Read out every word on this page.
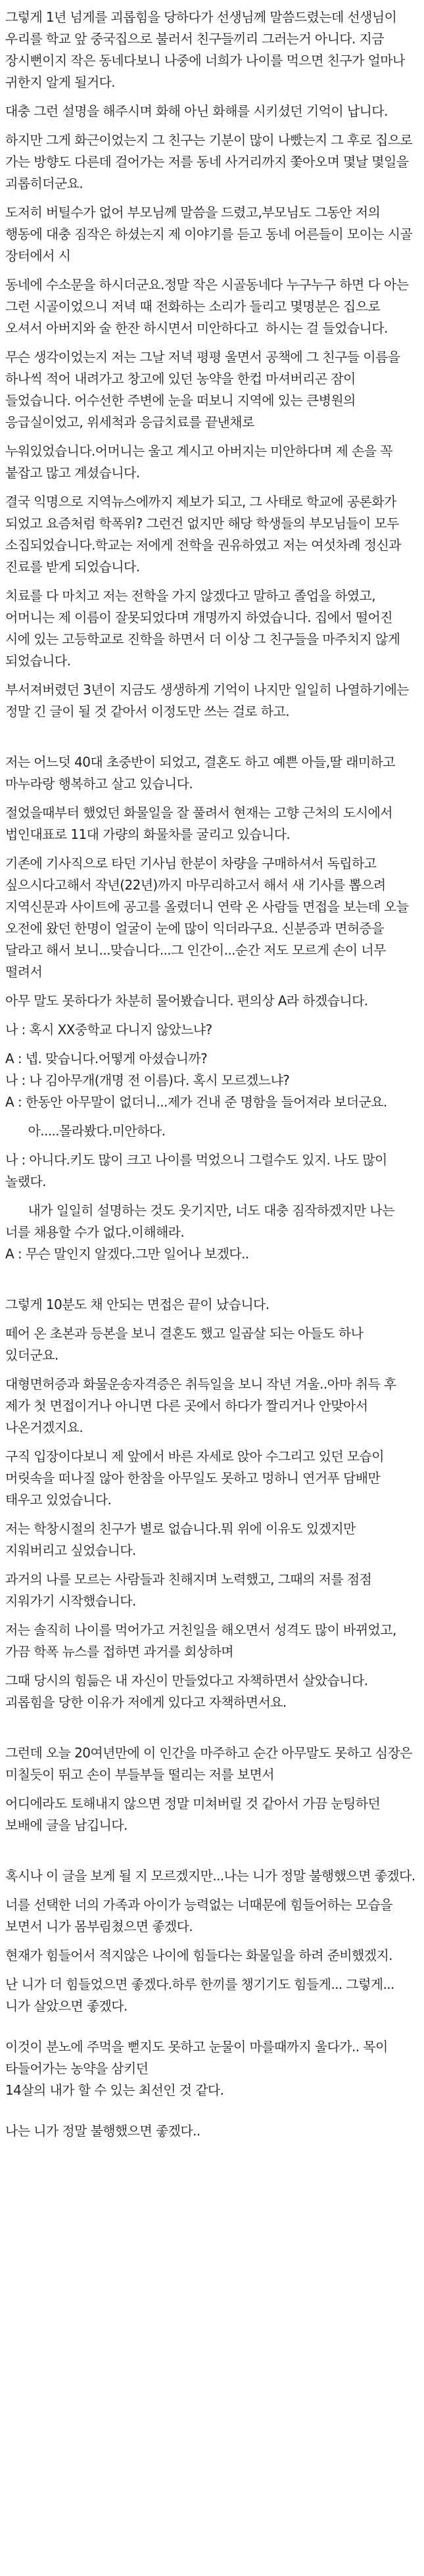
그렇게 1년 넘게를 괴롭힘을 당하다가 선생님께 말씀드렸는데 선생님이 우리를 학교 앞 중국집으로 불러서 친구들끼리 그러는거 아니다. 지금 장시뻔이지 작은 동네다보니 나중에 너희가 나이를 먹으면 친구가 얼마나 귀한지 알게 될거다.

대충 그런 설명을 해주시며 화해 아닌 화해를 시키셨던 기억이 납니다.

하지만 그게 화근이었는지 그 친구는 기분이 많이 나빴는지 그 후로 집으로 가는 방향도 다른데 걸어가는 저를 동네 사거리까지 쫓아오며 몇날 몇일을 괴롭히더군요.

도저히 버틸수가 없어 부모님께 말씀을 드렸고,부모님도 그동안 저의 행동에 대충 짐작은 하셨는지 제 이야기를 듣고 동네 어른들이 모이는 시골 장터에서 시

동네에 수소문을 하시더군요.정말 작은 시골동네다 누구누구 하면 다 아는 그런 시골이었으니 저녁 때 전화하는 소리가 들리고 몇명분은 집으로 오셔서 아버지와 술 한잔 하시면서 미안하다고  하시는 걸 들었습니다.

무슨 생각이었는지 저는 그날 저녁 평평 울면서 공책에 그 친구들 이름을 하나씩 적어 내려가고 창고에 있던 농약을 한컵 마셔버리곤 잠이 들었습니다. 어수선한 주변에 눈을 떠보니 지역에 있는 큰병원의 응급실이었고, 위세척과 응급치료를 끝낸채로

누워있었습니다.어머니는 울고 계시고 아버지는 미안하다며 제 손을 꼭 붙잡고 많고 계셨습니다.

결국 익명으로 지역뉴스에까지 제보가 되고, 그 사태로 학교에 공론화가 되었고 요즘처럼 학폭위? 그런건 없지만 해당 학생들의 부모님들이 모두 소집되었습니다.학교는 저에게 전학을 권유하였고 저는 여섯차례 정신과 진료를 받게 되었습니다.

치료를 다 마치고 저는 전학을 가지 않겠다고 말하고 졸업을 하였고,어머니는 제 이름이 잘못되었다며 개명까지 하였습니다. 집에서 떨어진 시에 있는 고등학교로 진학을 하면서 더 이상 그 친구들을 마주치지 않게 되었습니다.

부서져버렸던 3년이 지금도 생생하게 기억이 나지만 일일히 나열하기에는 정말 긴 글이 될 것 같아서 이정도만 쓰는 걸로 하고.

저는 어느덧 40대 초중반이 되었고, 결혼도 하고 예쁜 아들,딸 래미하고 마누라랑 행복하고 살고 있습니다.

절었을때부터 했었던 화물일을 잘 풀려서 현재는 고향 근처의 도시에서 법인대표로 11대 가량의 화물차를 굴리고 있습니다.

기존에 기사직으로 타던 기사님 한분이 차량을 구매하셔서 독립하고 싶으시다고해서 작년(22년)까지 마무리하고서 해서 새 기사를 뽑으려 지역신문과 사이트에 공고를 올렸더니 연락 온 사람들 면접을 보는데 오늘 오전에 왔던 한명이 얼굴이 눈에 많이 익더라구요. 신분증과 면허증을 달라고 해서 보니...맞습니다...그 인간이...순간 저도 모르게 손이 너무 떨려서

아무 말도 못하다가 차분히 물어봤습니다. 편의상 A라 하겠습니다.

나 : 혹시 XX중학교 다니지 않았느냐?

A : 넵. 맞습니다.어떻게 아셨습니까?
나 : 나 김아무개(개명 전 이름)다. 혹시 모르겠느냐?
A : 한동안 아무말이 없더니...제가 건내 준 명함을 들어져라 보더군요.

아.....몰라봤다.미안하다.

나 : 아니다.키도 많이 크고 나이를 먹었으니 그럴수도 있지. 나도 많이 놀랬다.

내가 일일히 설명하는 것도 웃기지만, 너도 대충 짐작하겠지만 나는 너를 채용할 수가 없다.이해해라.
A : 무슨 말인지 알겠다.그만 일어나 보겠다..

그렇게 10분도 채 안되는 면접은 끝이 났습니다.

떼어 온 초본과 등본을 보니 결혼도 했고 일곱살 되는 아들도 하나 있더군요.

대형면허증과 화물운송자격증은 취득일을 보니 작년 겨울..아마 취득 후 제가 첫 면접이거나 아니면 다른 곳에서 하다가 짤리거나 안맞아서 나온거겠지요.

구직 입장이다보니 제 앞에서 바른 자세로 앉아 수그리고 있던 모습이 머릿속을 떠나질 않아 한참을 아무일도 못하고 멍하니 연거푸 담배만 태우고 있었습니다.

저는 학창시절의 친구가 별로 없습니다.뭐 위에 이유도 있겠지만 지워버리고 싶었습니다.

과거의 나를 모르는 사람들과 친해지며 노력했고, 그때의 저를 점점 지워가기 시작했습니다.

저는 솔직히 나이를 먹어가고 거친일을 해오면서 성격도 많이 바뀌었고,가끔 학폭 뉴스를 접하면 과거를 회상하며

그때 당시의 힘듦은 내 자신이 만들었다고 자책하면서 살았습니다. 괴롭힘을 당한 이유가 저에게 있다고 자책하면서요.

그런데 오늘 20여년만에 이 인간을 마주하고 순간 아무말도 못하고 심장은 미칠듯이 뛰고 손이 부들부들 떨리는 저를 보면서

어디에라도 토해내지 않으면 정말 미쳐버릴 것 같아서 가끔 눈팅하던 보배에 글을 남깁니다.

혹시나 이 글을 보게 될 지 모르겠지만...나는 니가 정말 불행했으면 좋겠다.

너를 선택한 너의 가족과 아이가 능력없는 너때문에 힘들어하는 모습을 보면서 니가 몸부림쳤으면 좋겠다.

현재가 힘들어서 적지않은 나이에 힘들다는 화물일을 하려 준비했겠지.

난 니가 더 힘들었으면 좋겠다.하루 한끼를 챙기기도 힘들게... 그렇게...니가 살았으면 좋겠다.

이것이 분노에 주먹을 뻗지도 못하고 눈물이 마를때까지 울다가.. 목이 타들어가는 농약을 삼키던
14살의 내가 할 수 있는 최선인 것 같다.

나는 니가 정말 불행했으면 좋겠다..
